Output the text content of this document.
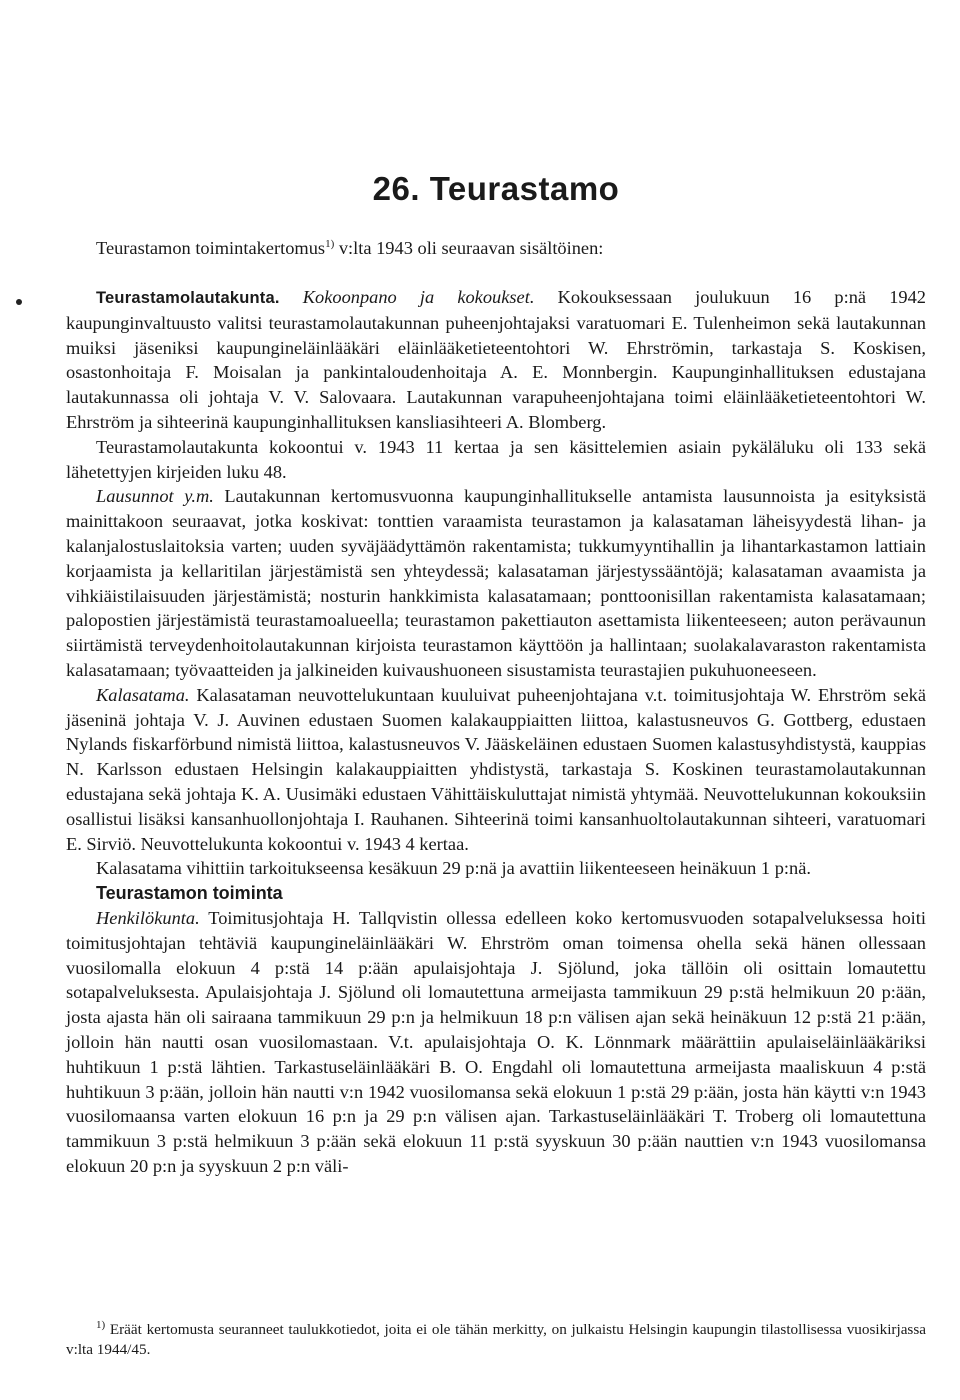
26. Teurastamo

Teurastamon toimintakertomus$^{1)}$ v:lta 1943 oli seuraavan sisältöinen:

Teurastamolautakunta. Kokoonpano ja kokoukset. Kokouksessaan joulukuun 16 p:nä 1942 kaupunginvaltuusto valitsi teurastamolautakunnan puheenjohtajaksi varatuomari E. Tulenheimon sekä lautakunnan muiksi jäseniksi kaupungineläinlääkäri eläinlääketieteentohtori W. Ehrströmin, tarkastaja S. Koskisen, osastonhoitaja F. Moisalan ja pankintaloudenhoitaja A. E. Monnbergin. Kaupunginhallituksen edustajana lautakunnassa oli johtaja V. V. Salovaara. Lautakunnan varapuheenjohtajana toimi eläinlääketieteentohtori W. Ehrström ja sihteerinä kaupunginhallituksen kansliasihteeri A. Blomberg.

Teurastamolautakunta kokoontui v. 1943 11 kertaa ja sen käsittelemien asiain pykäläluku oli 133 sekä lähetettyjen kirjeiden luku 48.

Lausunnot y.m. Lautakunnan kertomusvuonna kaupunginhallitukselle antamista lausunnoista ja esityksistä mainittakoon seuraavat, jotka koskivat: tonttien varaamista teurastamon ja kalasataman läheisyydestä lihan- ja kalanjalostuslaitoksia varten; uuden syväjäädyttämön rakentamista; tukkumyyntihallin ja lihantarkastamon lattiain korjaamista ja kellaritilan järjestämistä sen yhteydessä; kalasataman järjestyssääntöjä; kalasataman avaamista ja vihkiäistilaisuuden järjestämistä; nosturin hankkimista kalasatamaan; ponttoonisillan rakentamista kalasatamaan; palopostien järjestämistä teurastamoalueella; teurastamon pakettiauton asettamista liikenteeseen; auton perävaunun siirtämistä terveydenhoitolautakunnan kirjoista teurastamon käyttöön ja hallintaan; suolakalavaraston rakentamista kalasatamaan; työvaatteiden ja jalkineiden kuivaushuoneen sisustamista teurastajien pukuhuoneeseen.

Kalasatama. Kalasataman neuvottelukuntaan kuuluivat puheenjohtajana v.t. toimitusjohtaja W. Ehrström sekä jäseninä johtaja V. J. Auvinen edustaen Suomen kalakauppiaitten liittoa, kalastusneuvos G. Gottberg, edustaen Nylands fiskarförbund nimistä liittoa, kalastusneuvos V. Jääskeläinen edustaen Suomen kalastusyhdistystä, kauppias N. Karlsson edustaen Helsingin kalakauppiaitten yhdistystä, tarkastaja S. Koskinen teurastamolautakunnan edustajana sekä johtaja K. A. Uusimäki edustaen Vähittäiskuluttajat nimistä yhtymää. Neuvottelukunnan kokouksiin osallistui lisäksi kansanhuollonjohtaja I. Rauhanen. Sihteerinä toimi kansanhuoltolautakunnan sihteeri, varatuomari E. Sirviö. Neuvottelukunta kokoontui v. 1943 4 kertaa.

Kalasatama vihittiin tarkoitukseensa kesäkuun 29 p:nä ja avattiin liikenteeseen heinäkuun 1 p:nä.

Teurastamon toiminta

Henkilökunta. Toimitusjohtaja H. Tallqvistin ollessa edelleen koko kertomusvuoden sotapalveluksessa hoiti toimitusjohtajan tehtäviä kaupungineläinlääkäri W. Ehrström oman toimensa ohella sekä hänen ollessaan vuosilomalla elokuun 4 p:stä 14 p:ään apulaisjohtaja J. Sjölund, joka tällöin oli osittain lomautettu sotapalveluksesta. Apulaisjohtaja J. Sjölund oli lomautettuna armeijasta tammikuun 29 p:stä helmikuun 20 p:ään, josta ajasta hän oli sairaana tammikuun 29 p:n ja helmikuun 18 p:n välisen ajan sekä heinäkuun 12 p:stä 21 p:ään, jolloin hän nautti osan vuosilomastaan. V.t. apulaisjohtaja O. K. Lönnmark määrättiin apulaiseläinlääkäriksi huhtikuun 1 p:stä lähtien. Tarkastuseläinlääkäri B. O. Engdahl oli lomautettuna armeijasta maaliskuun 4 p:stä huhtikuun 3 p:ään, jolloin hän nautti v:n 1942 vuosilomansa sekä elokuun 1 p:stä 29 p:ään, josta hän käytti v:n 1943 vuosilomaansa varten elokuun 16 p:n ja 29 p:n välisen ajan. Tarkastuseläinlääkäri T. Troberg oli lomautettuna tammikuun 3 p:stä helmikuun 3 p:ään sekä elokuun 11 p:stä syyskuun 30 p:ään nauttien v:n 1943 vuosilomansa elokuun 20 p:n ja syyskuun 2 p:n väli-

$^{1)}$ Eräät kertomusta seuranneet taulukkotiedot, joita ei ole tähän merkitty, on julkaistu Helsingin kaupungin tilastollisessa vuosikirjassa v:lta 1944/45.
